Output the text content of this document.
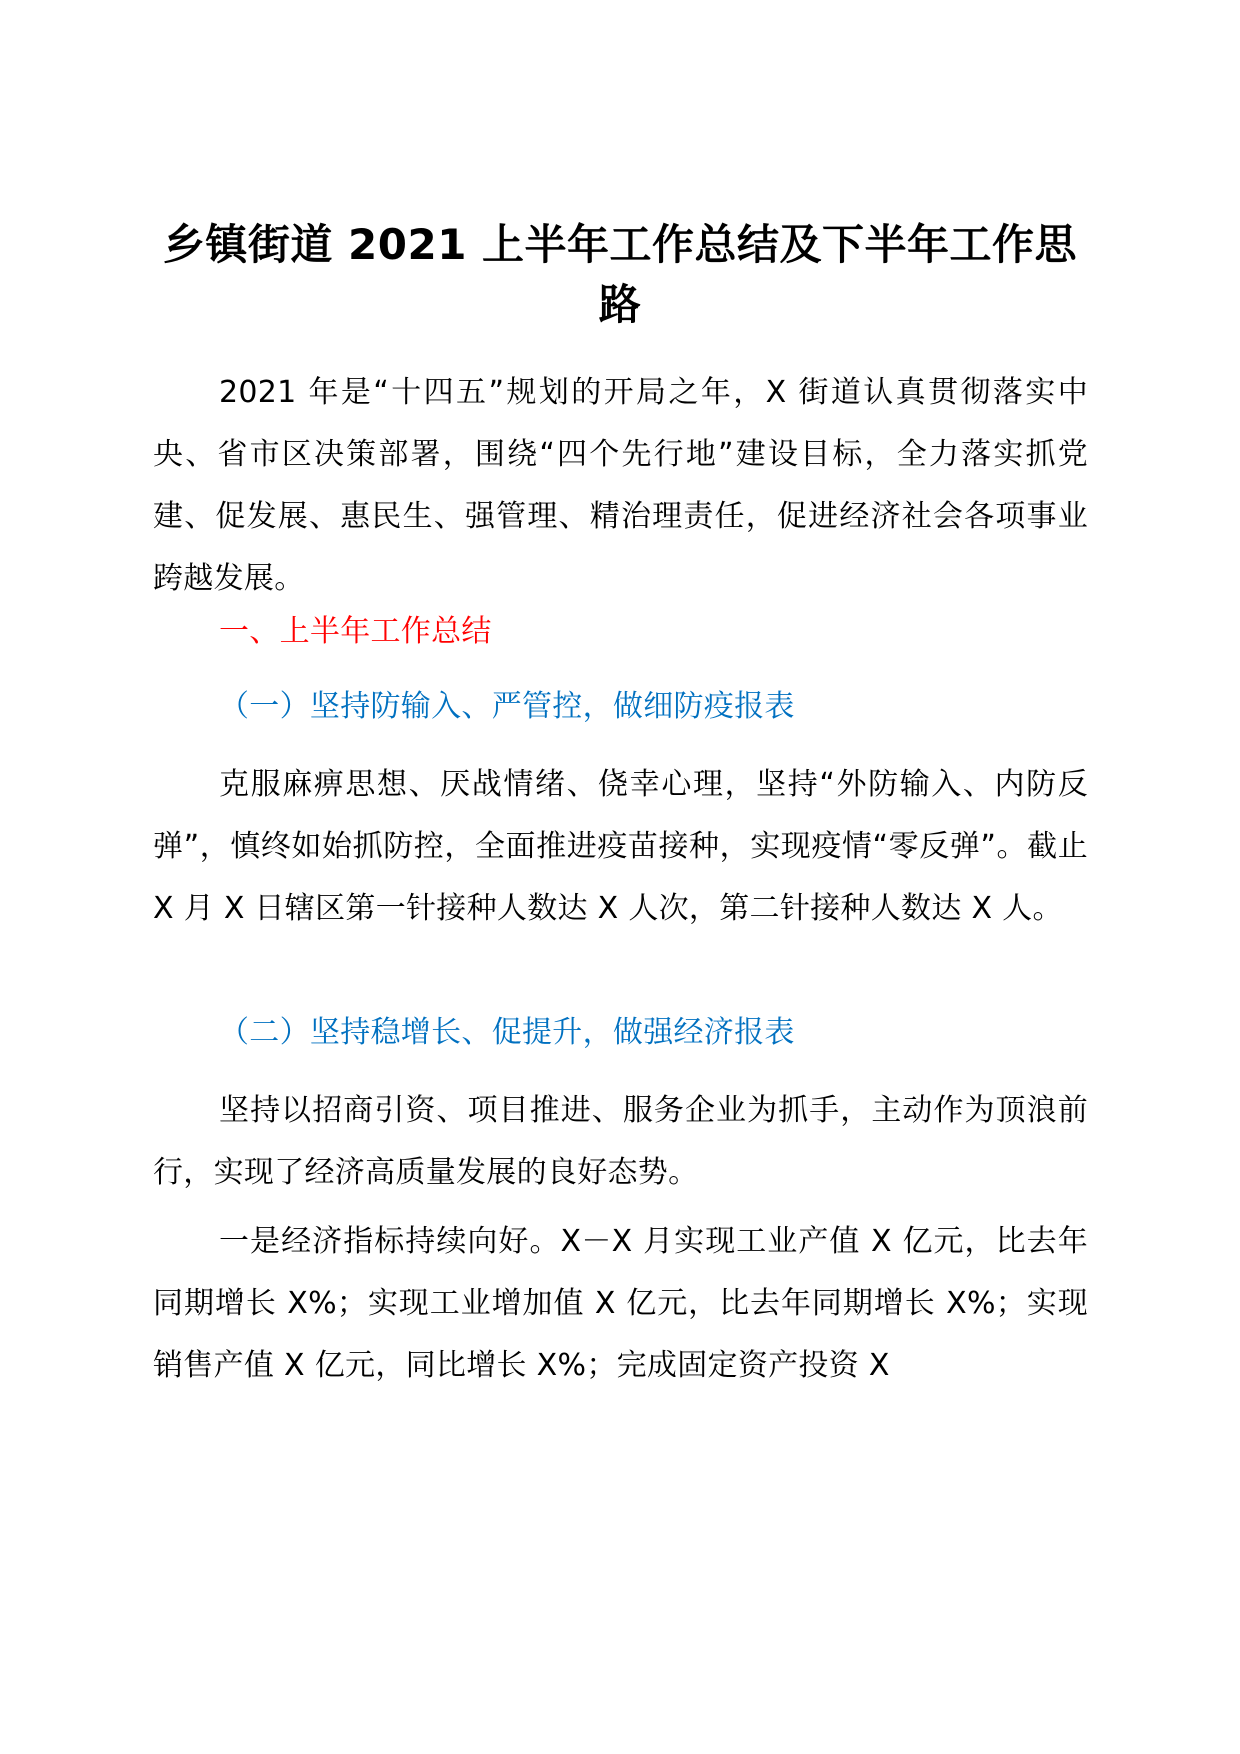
乡镇街道 2021 上半年工作总结及下半年工作思路

2021 年是“十四五”规划的开局之年，X 街道认真贯彻落实中央、省市区决策部署，围绕“四个先行地”建设目标，全力落实抓党建、促发展、惠民生、强管理、精治理责任，促进经济社会各项事业跨越发展。

一、上半年工作总结
（一）坚持防输入、严管控，做细防疫报表

克服麻痹思想、厌战情绪、侥幸心理，坚持“外防输入、内防反弹”，慎终如始抓防控，全面推进疫苗接种，实现疫情“零反弹”。截止 X 月 X 日辖区第一针接种人数达 X 人次，第二针接种人数达 X 人。

（二）坚持稳增长、促提升，做强经济报表

坚持以招商引资、项目推进、服务企业为抓手，主动作为顶浪前行，实现了经济高质量发展的良好态势。

一是经济指标持续向好。X－X 月实现工业产值 X 亿元，比去年同期增长 X%；实现工业增加值 X 亿元，比去年同期增长 X%；实现销售产值 X 亿元，同比增长 X%；完成固定资产投资 X
